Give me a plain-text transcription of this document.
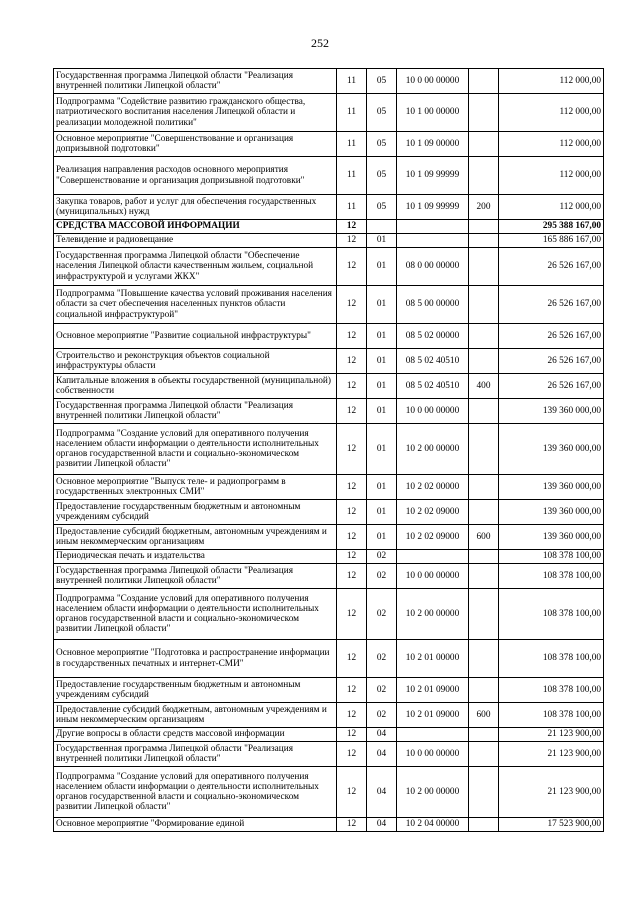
252
Государственная программа Липецкой области "Реализация внутренней политики Липецкой области"	11	05	10 0 00 00000		112 000,00
Подпрограмма "Содействие развитию гражданского общества, патриотического воспитания населения Липецкой области и реализации молодежной политики"	11	05	10 1 00 00000		112 000,00
Основное мероприятие "Совершенствование и организация допризывной подготовки"	11	05	10 1 09 00000		112 000,00
Реализация направления расходов основного мероприятия "Совершенствование и организация допризывной подготовки"	11	05	10 1 09 99999		112 000,00
Закупка товаров, работ и услуг для обеспечения государственных (муниципальных) нужд	11	05	10 1 09 99999	200	112 000,00
СРЕДСТВА МАССОВОЙ ИНФОРМАЦИИ	12				295 388 167,00
Телевидение и радиовещание	12	01			165 886 167,00
Государственная программа Липецкой области "Обеспечение населения Липецкой области качественным жильем, социальной инфраструктурой и услугами ЖКХ"	12	01	08 0 00 00000		26 526 167,00
Подпрограмма "Повышение качества условий проживания населения области за счет обеспечения населенных пунктов области социальной инфраструктурой"	12	01	08 5 00 00000		26 526 167,00
Основное мероприятие "Развитие социальной инфраструктуры"	12	01	08 5 02 00000		26 526 167,00
Строительство и реконструкция объектов социальной инфраструктуры области	12	01	08 5 02 40510		26 526 167,00
Капитальные вложения в объекты государственной (муниципальной) собственности	12	01	08 5 02 40510	400	26 526 167,00
Государственная программа Липецкой области "Реализация внутренней политики Липецкой области"	12	01	10 0 00 00000		139 360 000,00
Подпрограмма "Создание условий для оперативного получения населением области информации о деятельности исполнительных органов государственной власти и социально-экономическом развитии Липецкой области"	12	01	10 2 00 00000		139 360 000,00
Основное мероприятие "Выпуск теле- и радиопрограмм в государственных электронных СМИ"	12	01	10 2 02 00000		139 360 000,00
Предоставление государственным бюджетным и автономным учреждениям субсидий	12	01	10 2 02 09000		139 360 000,00
Предоставление субсидий бюджетным, автономным учреждениям и иным некоммерческим организациям	12	01	10 2 02 09000	600	139 360 000,00
Периодическая печать и издательства	12	02			108 378 100,00
Государственная программа Липецкой области "Реализация внутренней политики Липецкой области"	12	02	10 0 00 00000		108 378 100,00
Подпрограмма "Создание условий для оперативного получения населением области информации о деятельности исполнительных органов государственной власти и социально-экономическом развитии Липецкой области"	12	02	10 2 00 00000		108 378 100,00
Основное мероприятие "Подготовка и распространение информации в государственных печатных и интернет-СМИ"	12	02	10 2 01 00000		108 378 100,00
Предоставление государственным бюджетным и автономным учреждениям субсидий	12	02	10 2 01 09000		108 378 100,00
Предоставление субсидий бюджетным, автономным учреждениям и иным некоммерческим организациям	12	02	10 2 01 09000	600	108 378 100,00
Другие вопросы в области средств массовой информации	12	04			21 123 900,00
Государственная программа Липецкой области "Реализация внутренней политики Липецкой области"	12	04	10 0 00 00000		21 123 900,00
Подпрограмма "Создание условий для оперативного получения населением области информации о деятельности исполнительных органов государственной власти и социально-экономическом развитии Липецкой области"	12	04	10 2 00 00000		21 123 900,00
Основное мероприятие "Формирование единой	12	04	10 2 04 00000		17 523 900,00
